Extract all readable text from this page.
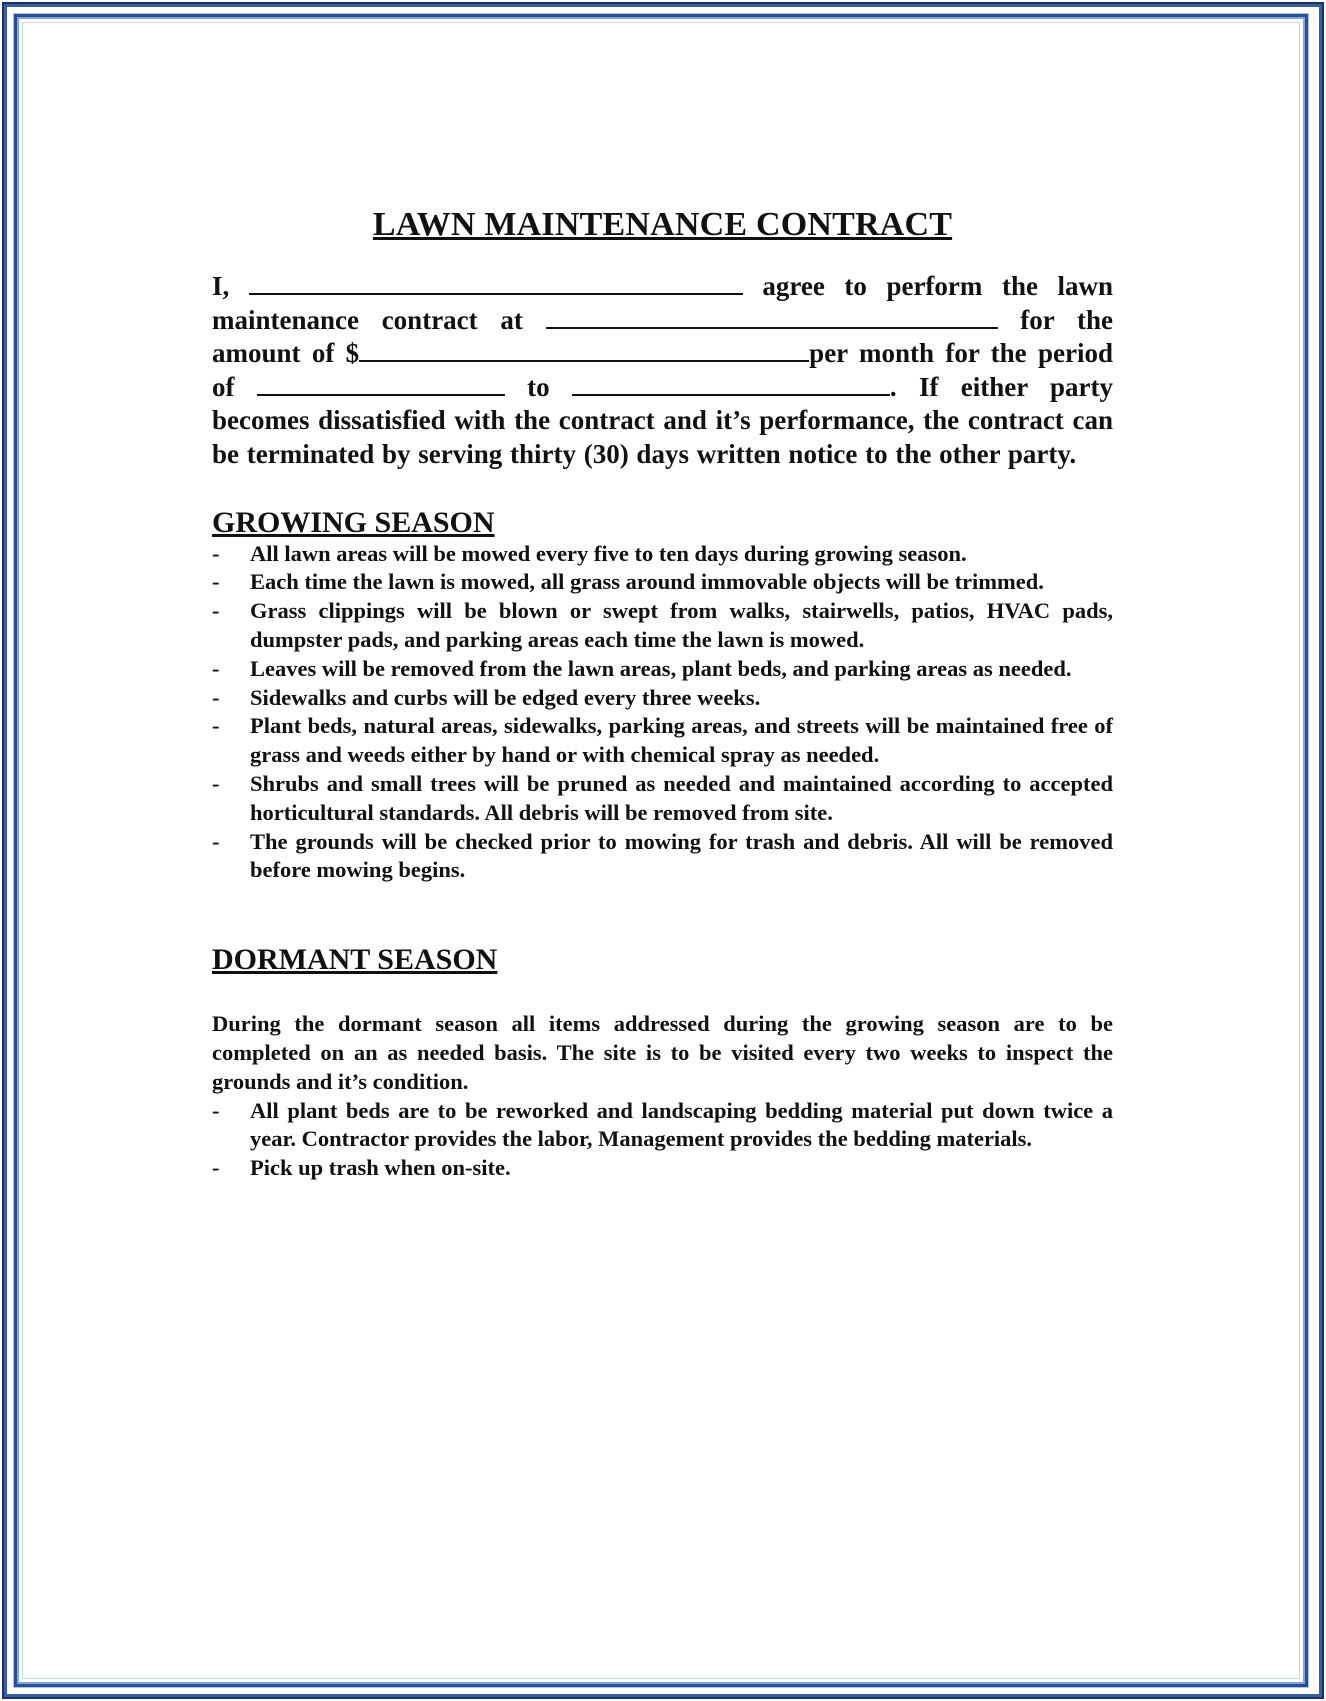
LAWN MAINTENANCE CONTRACT

I,	agree to perform the lawn maintenance contract at	for the amount of $	per month for the period of	to	. If either party becomes dissatisfied with the contract and it’s performance, the contract can be terminated by serving thirty (30) days written notice to the other party.

GROWING SEASON
- All lawn areas will be mowed every five to ten days during growing season.
- Each time the lawn is mowed, all grass around immovable objects will be trimmed.
- Grass clippings will be blown or swept from walks, stairwells, patios, HVAC pads, dumpster pads, and parking areas each time the lawn is mowed.
- Leaves will be removed from the lawn areas, plant beds, and parking areas as needed.
- Sidewalks and curbs will be edged every three weeks.
- Plant beds, natural areas, sidewalks, parking areas, and streets will be maintained free of grass and weeds either by hand or with chemical spray as needed.
- Shrubs and small trees will be pruned as needed and maintained according to accepted horticultural standards. All debris will be removed from site.
- The grounds will be checked prior to mowing for trash and debris. All will be removed before mowing begins.
DORMANT SEASON

During the dormant season all items addressed during the growing season are to be completed on an as needed basis. The site is to be visited every two weeks to inspect the grounds and it’s condition.

- All plant beds are to be reworked and landscaping bedding material put down twice a year. Contractor provides the labor, Management provides the bedding materials.
- Pick up trash when on-site.
